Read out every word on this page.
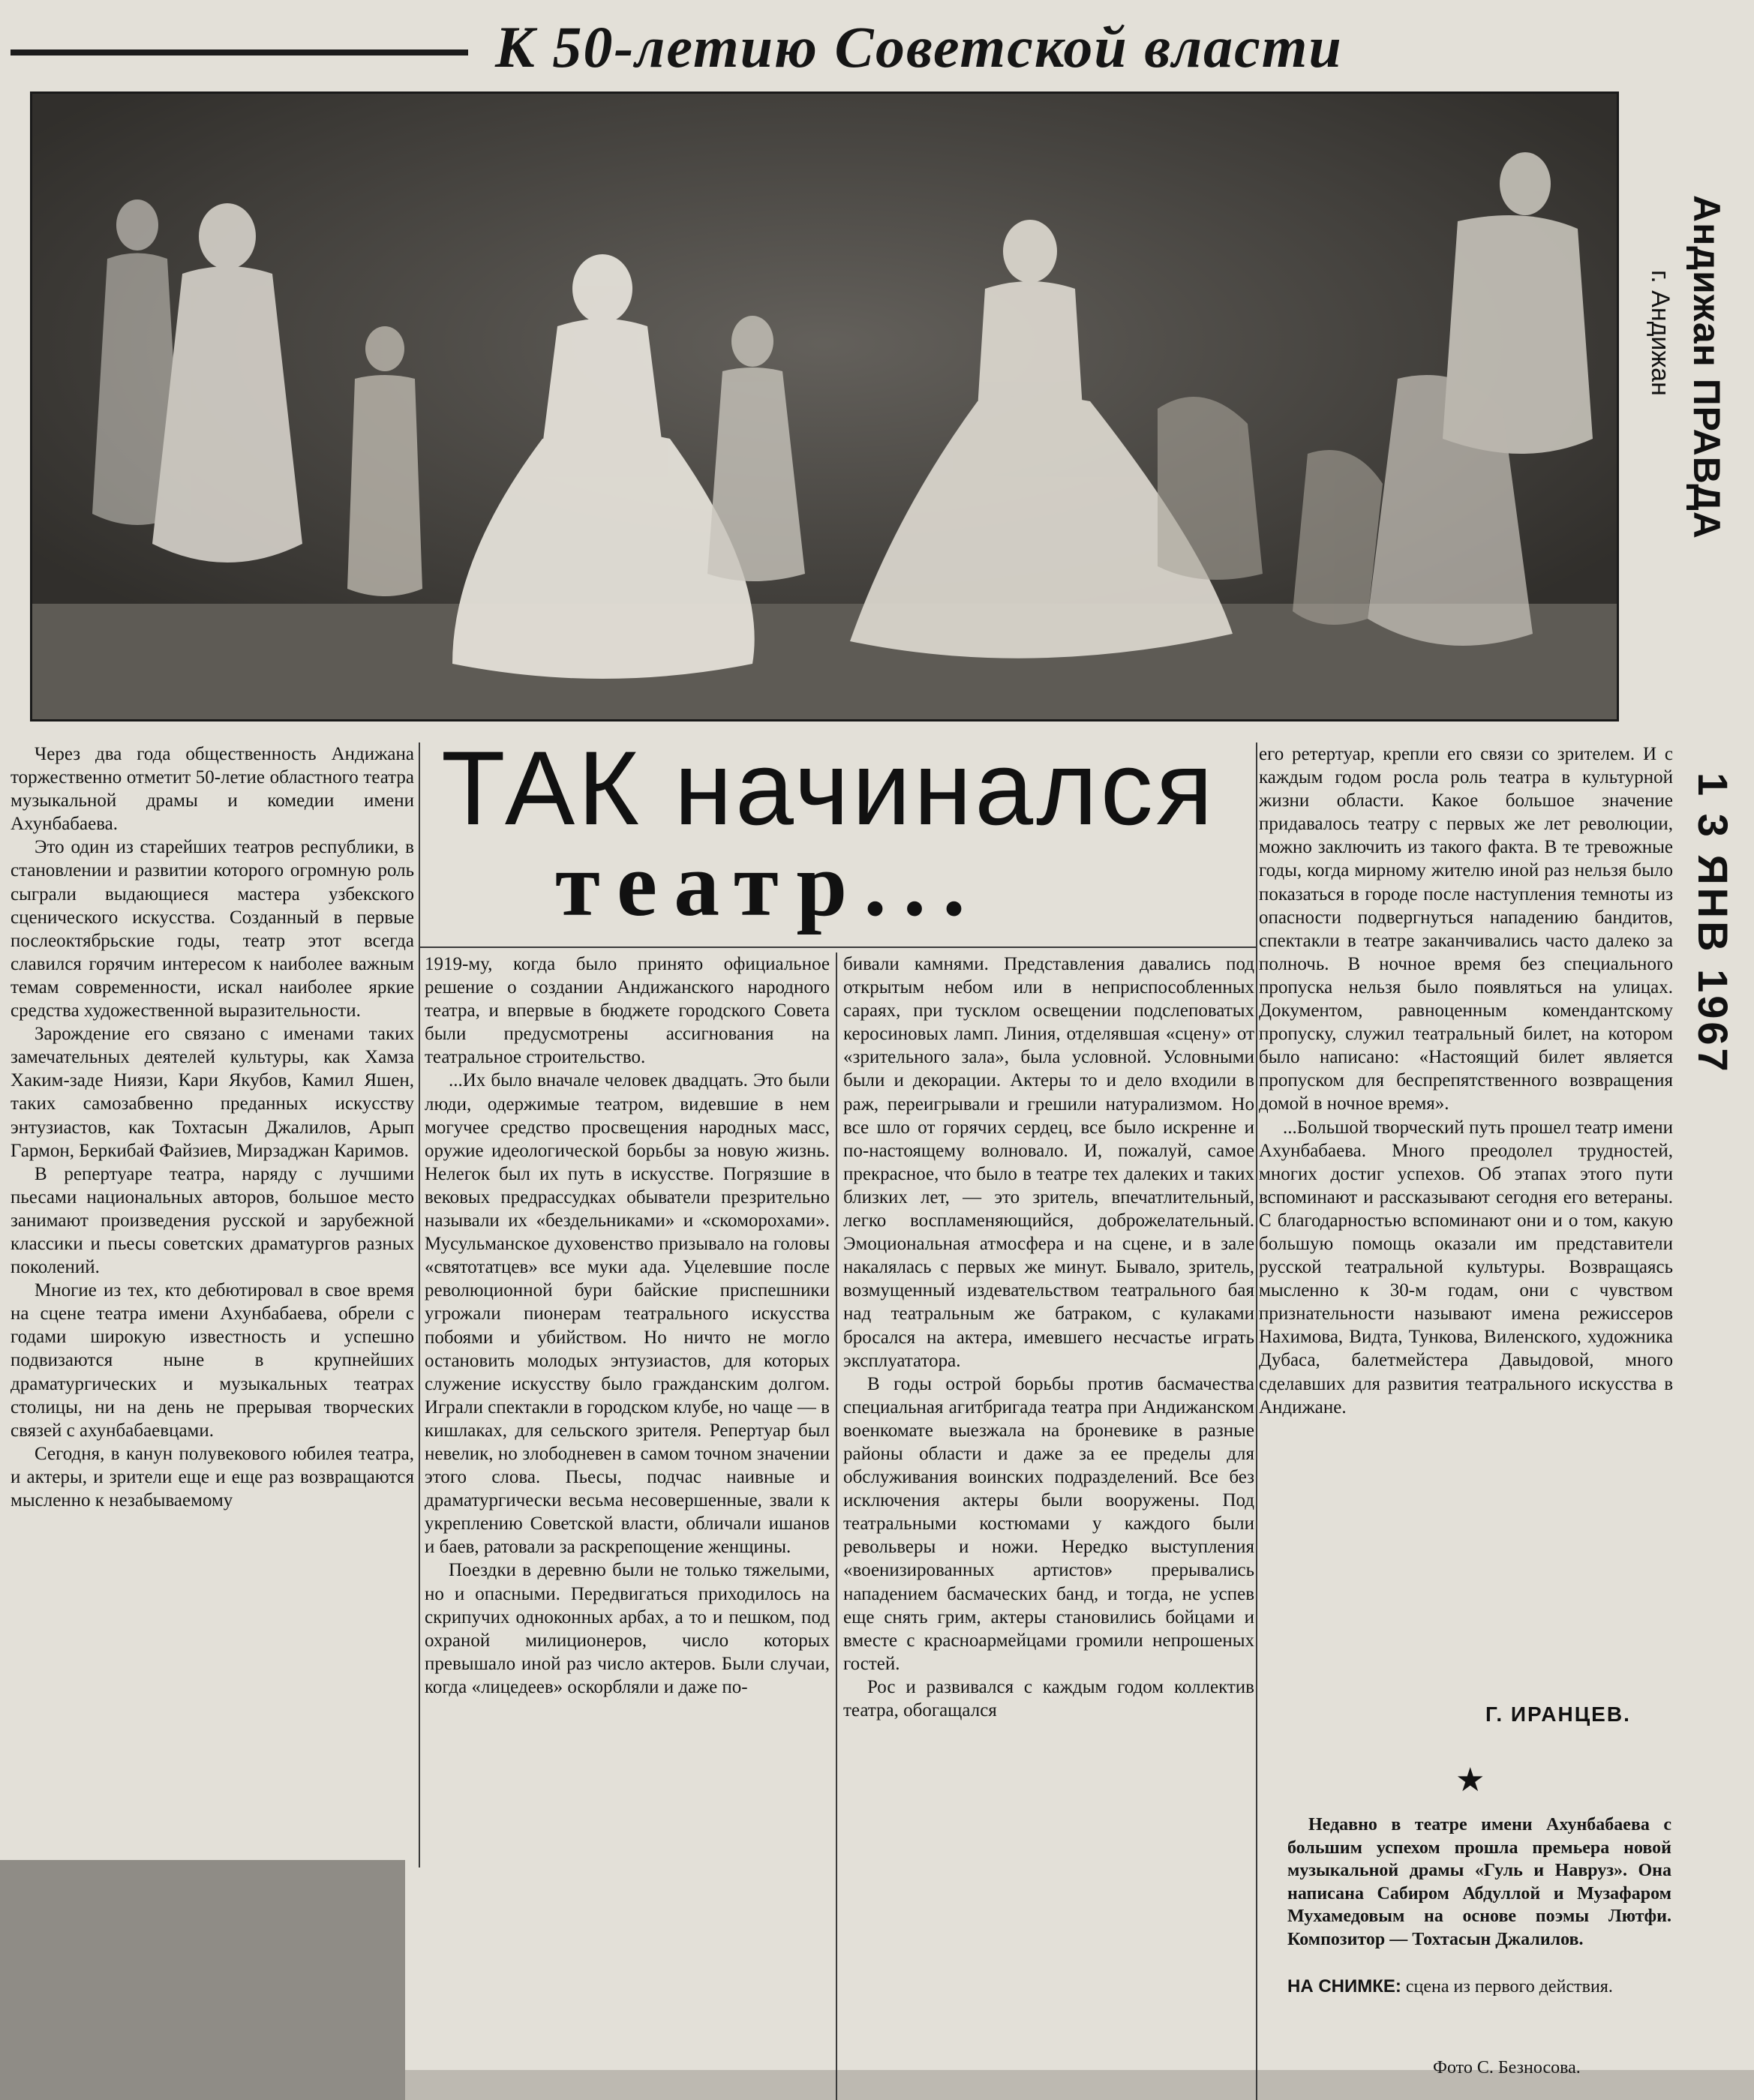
К 50-летию Советской власти
Андижан ПРАВДА
г. Андижан
1 3 ЯНВ 1967
ТАК начинался
театр...

Через два года общественность Андижана торжественно отметит 50-летие областного театра музыкальной драмы и комедии имени Ахунбабаева.

Это один из старейших театров республики, в становлении и развитии которого огромную роль сыграли выдающиеся мастера узбекского сценического искусства. Созданный в первые послеоктябрьские годы, театр этот всегда славился горячим интересом к наиболее важным темам современности, искал наиболее яркие средства художественной выразительности.

Зарождение его связано с именами таких замечательных деятелей культуры, как Хамза Хаким-заде Ниязи, Кари Якубов, Камил Яшен, таких самозабвенно преданных искусству энтузиастов, как Тохтасын Джалилов, Арып Гармон, Беркибай Файзиев, Мирзаджан Каримов.

В репертуаре театра, наряду с лучшими пьесами национальных авторов, большое место занимают произведения русской и зарубежной классики и пьесы советских драматургов разных поколений.

Многие из тех, кто дебютировал в свое время на сцене театра имени Ахунбабаева, обрели с годами широкую известность и успешно подвизаются ныне в крупнейших драматургических и музыкальных театрах столицы, ни на день не прерывая творческих связей с ахунбабаевцами.

Сегодня, в канун полувекового юбилея театра, и актеры, и зрители еще и еще раз возвращаются мысленно к незабываемому

1919-му, когда было принято официальное решение о создании Андижанского народного театра, и впервые в бюджете городского Совета были предусмотрены ассигнования на театральное строительство.

...Их было вначале человек двадцать. Это были люди, одержимые театром, видевшие в нем могучее средство просвещения народных масс, оружие идеологической борьбы за новую жизнь. Нелегок был их путь в искусстве. Погрязшие в вековых предрассудках обыватели презрительно называли их «бездельниками» и «скоморохами». Мусульманское духовенство призывало на головы «святотатцев» все муки ада. Уцелевшие после революционной бури байские приспешники угрожали пионерам театрального искусства побоями и убийством. Но ничто не могло остановить молодых энтузиастов, для которых служение искусству было гражданским долгом. Играли спектакли в городском клубе, но чаще — в кишлаках, для сельского зрителя. Репертуар был невелик, но злободневен в самом точном значении этого слова. Пьесы, подчас наивные и драматургически весьма несовершенные, звали к укреплению Советской власти, обличали ишанов и баев, ратовали за раскрепощение женщины.

Поездки в деревню были не только тяжелыми, но и опасными. Передвигаться приходилось на скрипучих одноконных арбах, а то и пешком, под охраной милиционеров, число которых превышало иной раз число актеров. Были случаи, когда «лицедеев» оскорбляли и даже по-

бивали камнями. Представления давались под открытым небом или в неприспособленных сараях, при тусклом освещении подслеповатых керосиновых ламп. Линия, отделявшая «сцену» от «зрительного зала», была условной. Условными были и декорации. Актеры то и дело входили в раж, переигрывали и грешили натурализмом. Но все шло от горячих сердец, все было искренне и по-настоящему волновало. И, пожалуй, самое прекрасное, что было в театре тех далеких и таких близких лет, — это зритель, впечатлительный, легко воспламеняющийся, доброжелательный. Эмоциональная атмосфера и на сцене, и в зале накалялась с первых же минут. Бывало, зритель, возмущенный издевательством театрального бая над театральным же батраком, с кулаками бросался на актера, имевшего несчастье играть эксплуататора.

В годы острой борьбы против басмачества специальная агитбригада театра при Андижанском военкомате выезжала на броневике в разные районы области и даже за ее пределы для обслуживания воинских подразделений. Все без исключения актеры были вооружены. Под театральными костюмами у каждого были револьверы и ножи. Нередко выступления «военизированных артистов» прерывались нападением басмаческих банд, и тогда, не успев еще снять грим, актеры становились бойцами и вместе с красноармейцами громили непрошеных гостей.

Рос и развивался с каждым годом коллектив театра, обогащался

его ретертуар, крепли его связи со зрителем. И с каждым годом росла роль театра в культурной жизни области. Какое большое значение придавалось театру с первых же лет революции, можно заключить из такого факта. В те тревожные годы, когда мирному жителю иной раз нельзя было показаться в городе после наступления темноты из опасности подвергнуться нападению бандитов, спектакли в театре заканчивались часто далеко за полночь. В ночное время без специального пропуска нельзя было появляться на улицах. Документом, равноценным комендантскому пропуску, служил театральный билет, на котором было написано: «Настоящий билет является пропуском для беспрепятственного возвращения домой в ночное время».

...Большой творческий путь прошел театр имени Ахунбабаева. Много преодолел трудностей, многих достиг успехов. Об этапах этого пути вспоминают и рассказывают сегодня его ветераны. С благодарностью вспоминают они и о том, какую большую помощь оказали им представители русской театральной культуры. Возвращаясь мысленно к 30-м годам, они с чувством признательности называют имена режиссеров Нахимова, Видта, Тункова, Виленского, художника Дубаса, балетмейстера Давыдовой, много сделавших для развития театрального искусства в Андижане.

Г. ИРАНЦЕВ.
★

Недавно в театре имени Ахунбабаева с большим успехом прошла премьера новой музыкальной драмы «Гуль и Навруз». Она написана Сабиром Абдуллой и Музафаром Мухамедовым на основе поэмы Лютфи. Композитор — Тохтасын Джалилов.

НА СНИМКЕ: сцена из первого действия.
Фото С. Безносова.
